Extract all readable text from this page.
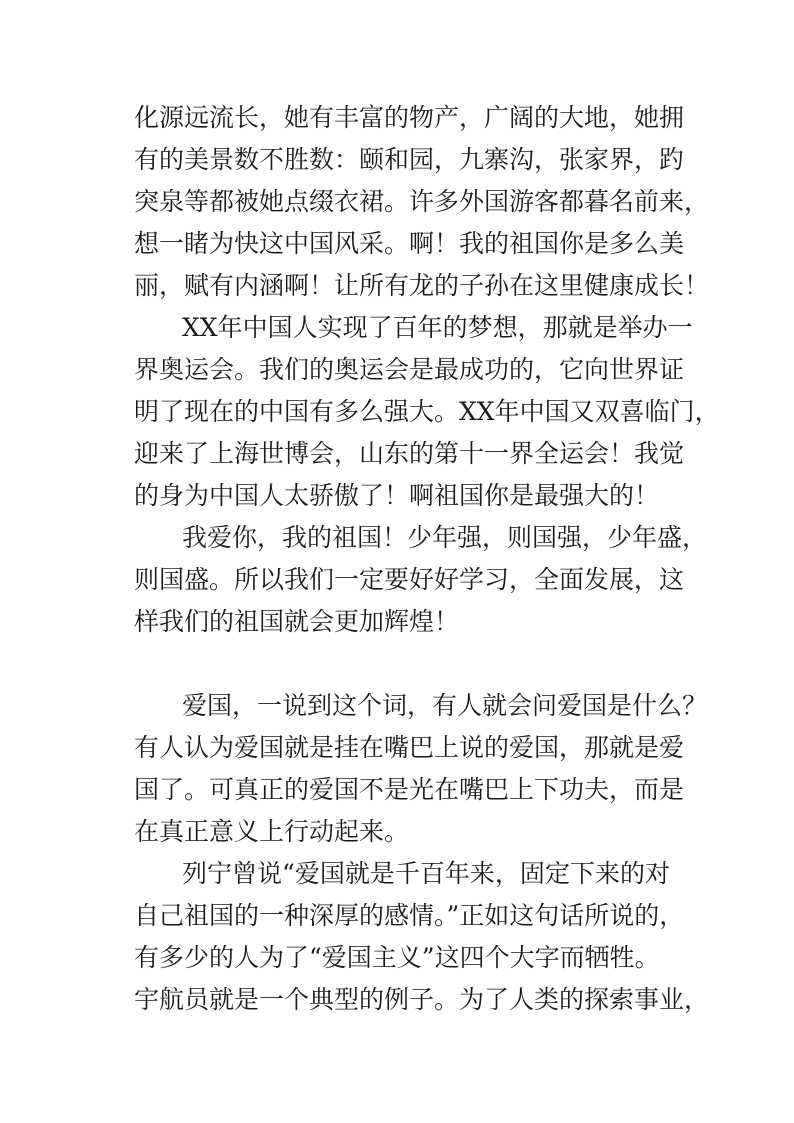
化源远流长，她有丰富的物产，广阔的大地，她拥
有的美景数不胜数：颐和园，九寨沟，张家界，趵
突泉等都被她点缀衣裙。许多外国游客都暮名前来，
想一睹为快这中国风采。啊！我的祖国你是多么美
丽，赋有内涵啊！让所有龙的子孙在这里健康成长！
XX年中国人实现了百年的梦想，那就是举办一
界奥运会。我们的奥运会是最成功的，它向世界证
明了现在的中国有多么强大。XX年中国又双喜临门，
迎来了上海世博会，山东的第十一界全运会！我觉
的身为中国人太骄傲了！啊祖国你是最强大的！
我爱你，我的祖国！少年强，则国强，少年盛，
则国盛。所以我们一定要好好学习，全面发展，这
样我们的祖国就会更加辉煌！
爱国，一说到这个词，有人就会问爱国是什么？
有人认为爱国就是挂在嘴巴上说的爱国，那就是爱
国了。可真正的爱国不是光在嘴巴上下功夫，而是
在真正意义上行动起来。
列宁曾说“爱国就是千百年来，固定下来的对
自己祖国的一种深厚的感情。”正如这句话所说的，
有多少的人为了“爱国主义”这四个大字而牺牲。
宇航员就是一个典型的例子。为了人类的探索事业，
